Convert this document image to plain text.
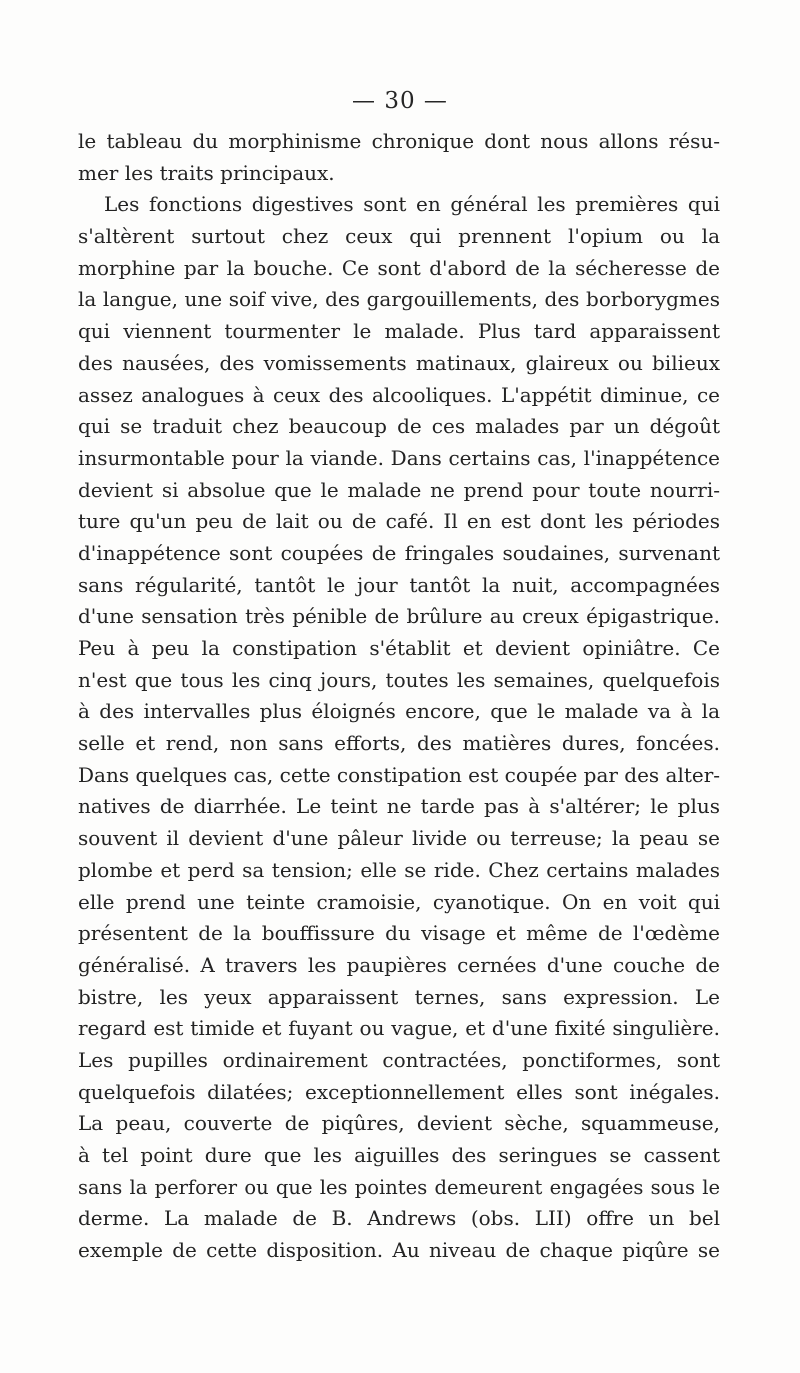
— 30 —
le tableau du morphinisme chronique dont nous allons résu-
mer les traits principaux.
Les fonctions digestives sont en général les premières qui
s'altèrent surtout chez ceux qui prennent l'opium ou la
morphine par la bouche. Ce sont d'abord de la sécheresse de
la langue, une soif vive, des gargouillements, des borborygmes
qui viennent tourmenter le malade. Plus tard apparaissent
des nausées, des vomissements matinaux, glaireux ou bilieux
assez analogues à ceux des alcooliques. L'appétit diminue, ce
qui se traduit chez beaucoup de ces malades par un dégoût
insurmontable pour la viande. Dans certains cas, l'inappétence
devient si absolue que le malade ne prend pour toute nourri-
ture qu'un peu de lait ou de café. Il en est dont les périodes
d'inappétence sont coupées de fringales soudaines, survenant
sans régularité, tantôt le jour tantôt la nuit, accompagnées
d'une sensation très pénible de brûlure au creux épigastrique.
Peu à peu la constipation s'établit et devient opiniâtre. Ce
n'est que tous les cinq jours, toutes les semaines, quelquefois
à des intervalles plus éloignés encore, que le malade va à la
selle et rend, non sans efforts, des matières dures, foncées.
Dans quelques cas, cette constipation est coupée par des alter-
natives de diarrhée. Le teint ne tarde pas à s'altérer; le plus
souvent il devient d'une pâleur livide ou terreuse; la peau se
plombe et perd sa tension; elle se ride. Chez certains malades
elle prend une teinte cramoisie, cyanotique. On en voit qui
présentent de la bouffissure du visage et même de l'œdème
généralisé. A travers les paupières cernées d'une couche de
bistre, les yeux apparaissent ternes, sans expression. Le
regard est timide et fuyant ou vague, et d'une fixité singulière.
Les pupilles ordinairement contractées, ponctiformes, sont
quelquefois dilatées; exceptionnellement elles sont inégales.
La peau, couverte de piqûres, devient sèche, squammeuse,
à tel point dure que les aiguilles des seringues se cassent
sans la perforer ou que les pointes demeurent engagées sous le
derme. La malade de B. Andrews (obs. LII) offre un bel
exemple de cette disposition. Au niveau de chaque piqûre se
